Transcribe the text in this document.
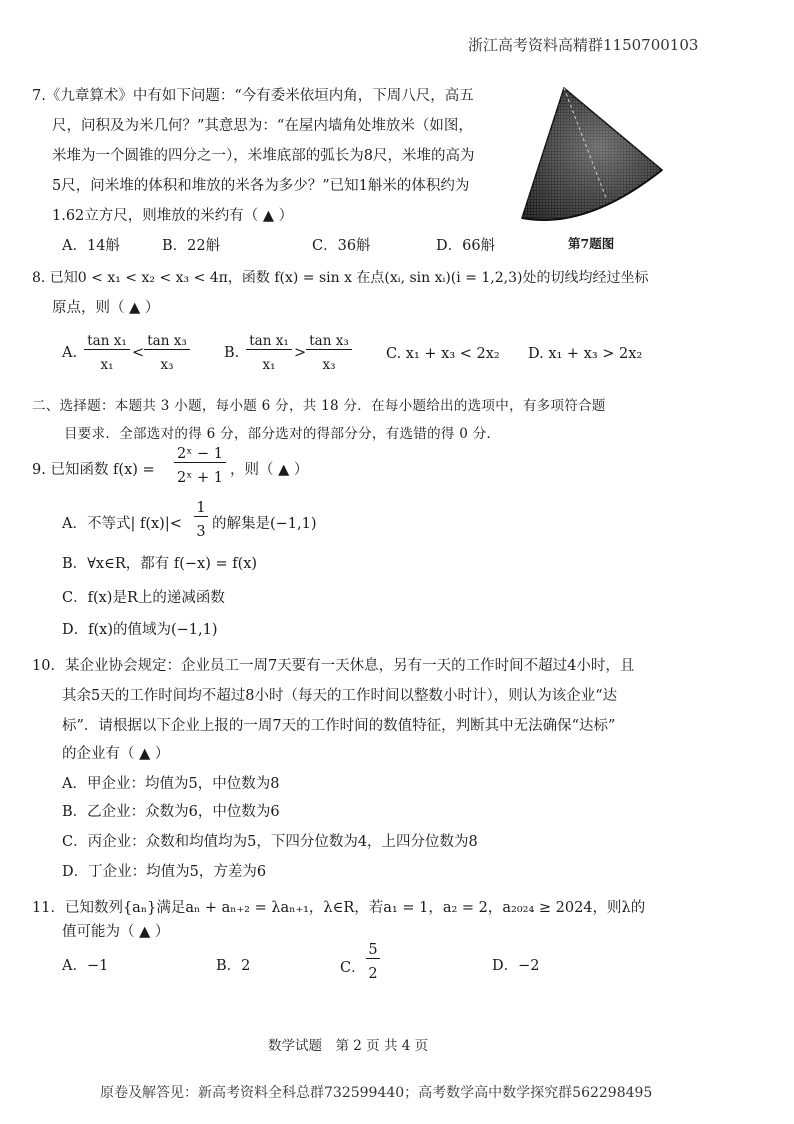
浙江高考资料高精群1150700103
第7题图
7.《九章算术》中有如下问题：“今有委米依垣内角，下周八尺，高五
尺，问积及为米几何？”其意思为：“在屋内墙角处堆放米（如图，
米堆为一个圆锥的四分之一），米堆底部的弧长为8尺，米堆的高为
5尺，问米堆的体积和堆放的米各为多少？”已知1斛米的体积约为
1.62立方尺，则堆放的米约有（ ▲ ）
A．14斛	B．22斛	C．36斛	D．66斛
8. 已知0 < x₁ < x₂ < x₃ < 4π，函数 f(x) = sin x 在点(xᵢ, sin xᵢ)(i = 1,2,3)处的切线均经过坐标
原点，则（ ▲ ）
A.
tan x₁
x₁
<
tan x₃
x₃
B.
tan x₁
x₁
>
tan x₃
x₃
C. x₁ + x₃ < 2x₂ D. x₁ + x₃ > 2x₂
二、选择题：本题共 3 小题，每小题 6 分，共 18 分．在每小题给出的选项中，有多项符合题
目要求．全部选对的得 6 分，部分选对的得部分分，有选错的得 0 分．
9. 已知函数 f(x) =
2ˣ − 1
2ˣ + 1 ，则（ ▲ ）
A．不等式| f(x)|<
1
3 的解集是(−1,1)
B．∀x∈R，都有 f(−x) = f(x)
C．f(x)是R上的递减函数
D．f(x)的值域为(−1,1)
10．某企业协会规定：企业员工一周7天要有一天休息，另有一天的工作时间不超过4小时，且
其余5天的工作时间均不超过8小时（每天的工作时间以整数小时计），则认为该企业“达
标”．请根据以下企业上报的一周7天的工作时间的数值特征，判断其中无法确保“达标”
的企业有（ ▲ ）
A．甲企业：均值为5，中位数为8
B．乙企业：众数为6，中位数为6
C．丙企业：众数和均值均为5，下四分位数为4，上四分位数为8
D．丁企业：均值为5，方差为6
11．已知数列{aₙ}满足aₙ + aₙ₊₂ = λaₙ₊₁，λ∈R，若a₁ = 1，a₂ = 2，a₂₀₂₄ ≥ 2024，则λ的
值可能为（ ▲ ）
A．−1	B．2	C．
5
2	D．−2
数学试题　第 2 页 共 4 页
原卷及解答见：新高考资料全科总群732599440；高考数学高中数学探究群562298495
